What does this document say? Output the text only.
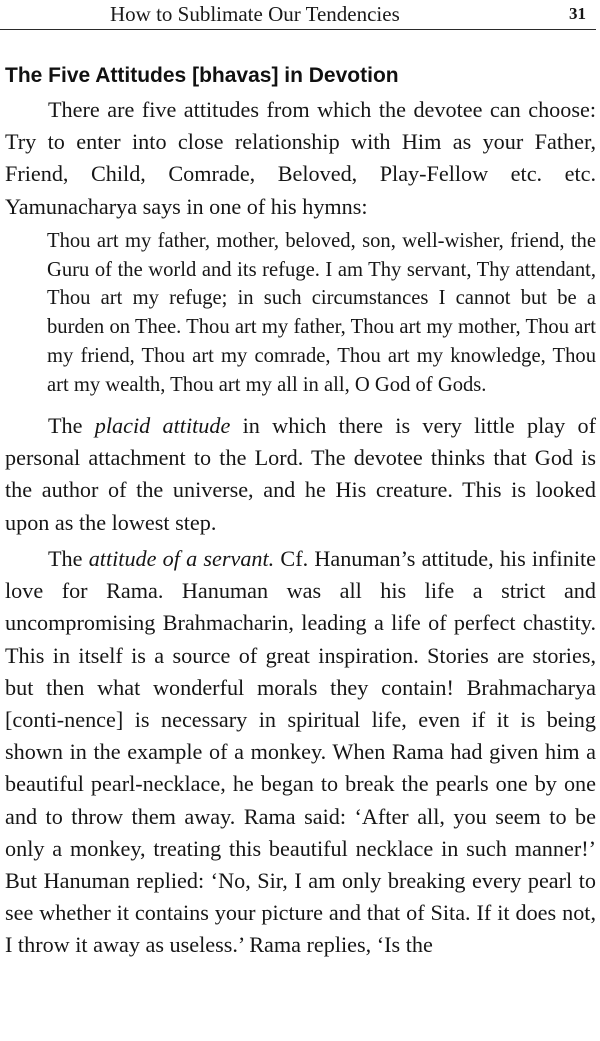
How to Sublimate Our Tendencies	31
The Five Attitudes [bhavas] in Devotion

There are five attitudes from which the devotee can choose: Try to enter into close relationship with Him as your Father, Friend, Child, Comrade, Beloved, Play-Fellow etc. etc. Yamunacharya says in one of his hymns:

Thou art my father, mother, beloved, son, well-wisher, friend, the Guru of the world and its refuge. I am Thy servant, Thy attendant, Thou art my refuge; in such circumstances I cannot but be a burden on Thee. Thou art my father, Thou art my mother, Thou art my friend, Thou art my comrade, Thou art my knowledge, Thou art my wealth, Thou art my all in all, O God of Gods.

The placid attitude in which there is very little play of personal attachment to the Lord. The devotee thinks that God is the author of the universe, and he His creature. This is looked upon as the lowest step.

The attitude of a servant. Cf. Hanuman’s attitude, his infinite love for Rama. Hanuman was all his life a strict and uncompromising Brahmacharin, leading a life of perfect chastity. This in itself is a source of great inspiration. Stories are stories, but then what wonderful morals they contain! Brahmacharya [conti-nence] is necessary in spiritual life, even if it is being shown in the example of a monkey. When Rama had given him a beautiful pearl-necklace, he began to break the pearls one by one and to throw them away. Rama said: ‘After all, you seem to be only a monkey, treating this beautiful necklace in such manner!’ But Hanuman replied: ‘No, Sir, I am only breaking every pearl to see whether it contains your picture and that of Sita. If it does not, I throw it away as useless.’ Rama replies, ‘Is the
